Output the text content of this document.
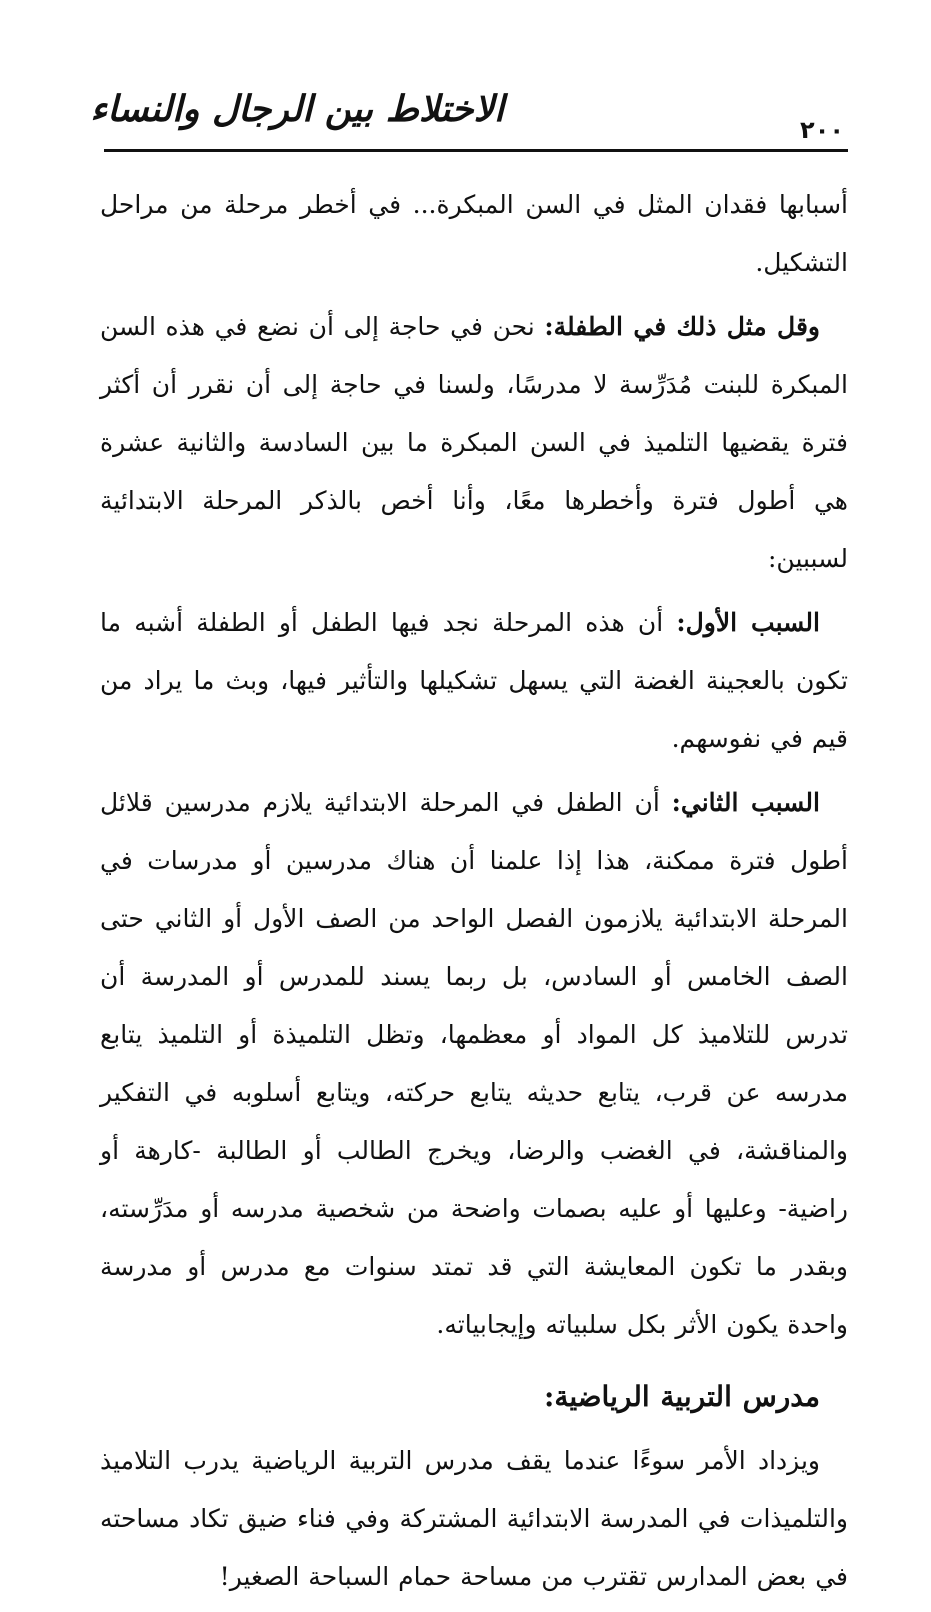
الاختلاط بين الرجال والنساء	٢٠٠

أسبابها فقدان المثل في السن المبكرة... في أخطر مرحلة من مراحل التشكيل.

وقل مثل ذلك في الطفلة: نحن في حاجة إلى أن نضع في هذه السن المبكرة للبنت مُدَرِّسة لا مدرسًا، ولسنا في حاجة إلى أن نقرر أن أكثر فترة يقضيها التلميذ في السن المبكرة ما بين السادسة والثانية عشرة هي أطول فترة وأخطرها معًا، وأنا أخص بالذكر المرحلة الابتدائية لسببين:

السبب الأول: أن هذه المرحلة نجد فيها الطفل أو الطفلة أشبه ما تكون بالعجينة الغضة التي يسهل تشكيلها والتأثير فيها، وبث ما يراد من قيم في نفوسهم.

السبب الثاني: أن الطفل في المرحلة الابتدائية يلازم مدرسين قلائل أطول فترة ممكنة، هذا إذا علمنا أن هناك مدرسين أو مدرسات في المرحلة الابتدائية يلازمون الفصل الواحد من الصف الأول أو الثاني حتى الصف الخامس أو السادس، بل ربما يسند للمدرس أو المدرسة أن تدرس للتلاميذ كل المواد أو معظمها، وتظل التلميذة أو التلميذ يتابع مدرسه عن قرب، يتابع حديثه يتابع حركته، ويتابع أسلوبه في التفكير والمناقشة، في الغضب والرضا، ويخرج الطالب أو الطالبة -كارهة أو راضية- وعليها أو عليه بصمات واضحة من شخصية مدرسه أو مدَرِّسته، وبقدر ما تكون المعايشة التي قد تمتد سنوات مع مدرس أو مدرسة واحدة يكون الأثر بكل سلبياته وإيجابياته.

مدرس التربية الرياضية:

ويزداد الأمر سوءًا عندما يقف مدرس التربية الرياضية يدرب التلاميذ والتلميذات في المدرسة الابتدائية المشتركة وفي فناء ضيق تكاد مساحته في بعض المدارس تقترب من مساحة حمام السباحة الصغير!
